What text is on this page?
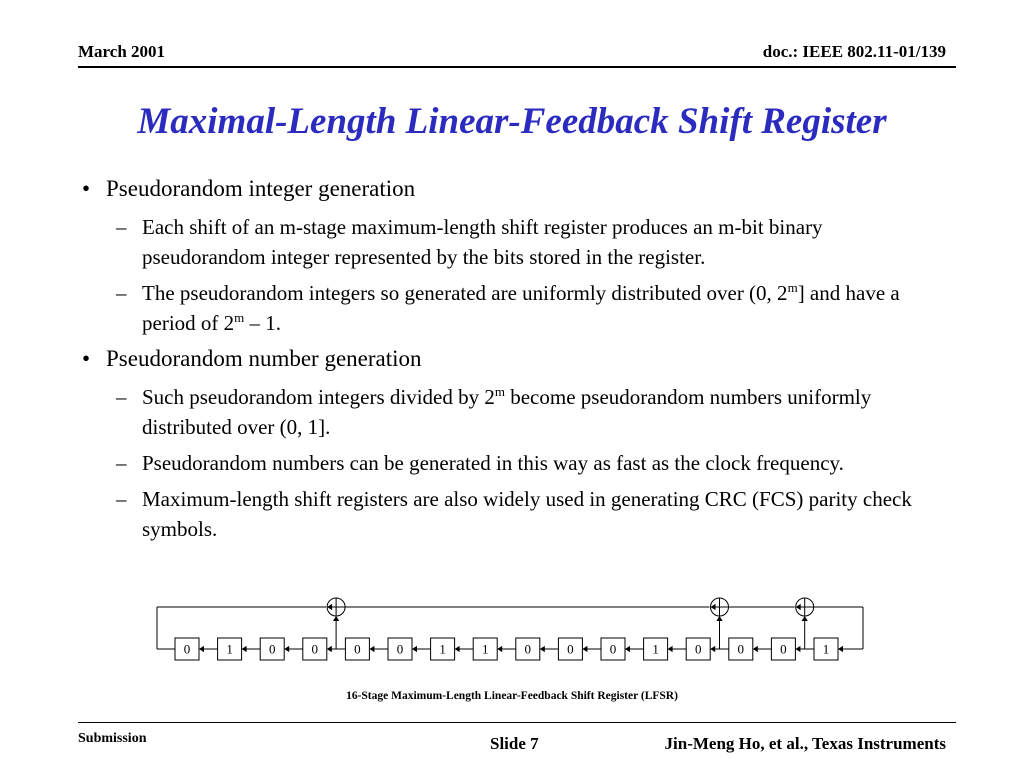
March 2001	doc.: IEEE 802.11-01/139
Maximal-Length Linear-Feedback Shift Register
• Pseudorandom integer generation
– Each shift of an m-stage maximum-length shift register produces an m-bit binary pseudorandom integer represented by the bits stored in the register.
– The pseudorandom integers so generated are uniformly distributed over (0, 2$^m$] and have a period of 2$^m$ – 1.
• Pseudorandom number generation
– Such pseudorandom integers divided by 2$^m$ become pseudorandom numbers uniformly distributed over (0, 1].
– Pseudorandom numbers can be generated in this way as fast as the clock frequency.
– Maximum-length shift registers are also widely used in generating CRC (FCS) parity check symbols.
0	1	0	0	0	0	1	1	0	0	0	1	0	0	0	1
16-Stage Maximum-Length Linear-Feedback Shift Register (LFSR)
Submission	Slide 7	Jin-Meng Ho, et al., Texas Instruments
